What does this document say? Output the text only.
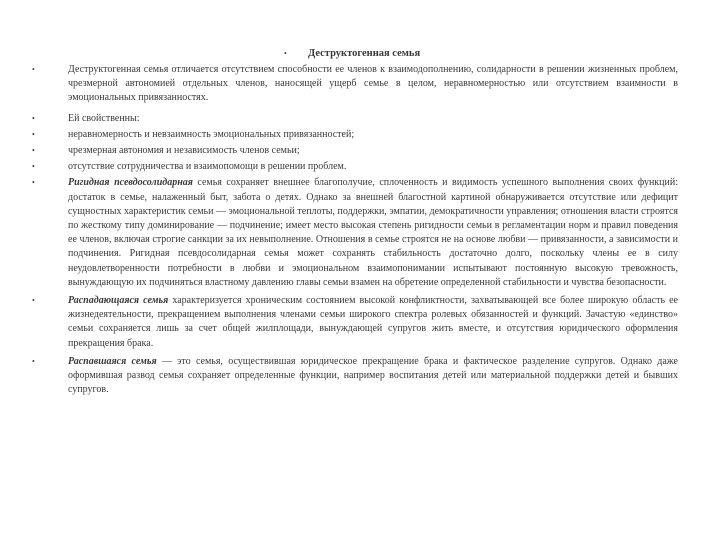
• Деструктогенная семья
•	Деструктогенная семья отличается отсутствием способности ее членов к взаимодополнению, солидарности в решении жизненных проблем, чрезмерной автономией отдельных членов, наносящей ущерб семье в целом, неравномерностью или отсутствием взаимности в эмоциональных привязанностях.
•	Ей свойственны:
•	неравномерность и невзаимность эмоциональных привязанностей;
•	чрезмерная автономия и независимость членов семьи;
•	отсутствие сотрудничества и взаимопомощи в решении проблем.
•	Ригидная псевдосолидарная семья сохраняет внешнее благополучие, сплоченность и видимость успешного выполнения своих функций: достаток в семье, налаженный быт, забота о детях. Однако за внешней благостной картиной обнаруживается отсутствие или дефицит сущностных характеристик семьи — эмоциональной теплоты, поддержки, эмпатии, демократичности управления; отношения власти строятся по жесткому типу доминирование — подчинение; имеет место высокая степень ригидности семьи в регламентации норм и правил поведения ее членов, включая строгие санкции за их невыполнение. Отношения в семье строятся не на основе любви — привязанности, а зависимости и подчинения. Ригидная псевдосолидарная семья может сохранять стабильность достаточно долго, поскольку члены ее в силу неудовлетворенности потребности в любви и эмоциональном взаимопонимании испытывают постоянную высокую тревожность, вынуждающую их подчиняться властному давлению главы семьи взамен на обретение определенной стабильности и чувства безопасности.
•	Распадающаяся семья характеризуется хроническим состоянием высокой конфликтности, захватывающей все более широкую область ее жизнедеятельности, прекращением выполнения членами семьи широкого спектра ролевых обязанностей и функций. Зачастую «единство» семьи сохраняется лишь за счет общей жилплощади, вынуждающей супругов жить вместе, и отсутствия юридического оформления прекращения брака.
•	Распавшаяся семья — это семья, осуществившая юридическое прекращение брака и фактическое разделение супругов. Однако даже оформившая развод семья сохраняет определенные функции, например воспитания детей или материальной поддержки детей и бывших супругов.
